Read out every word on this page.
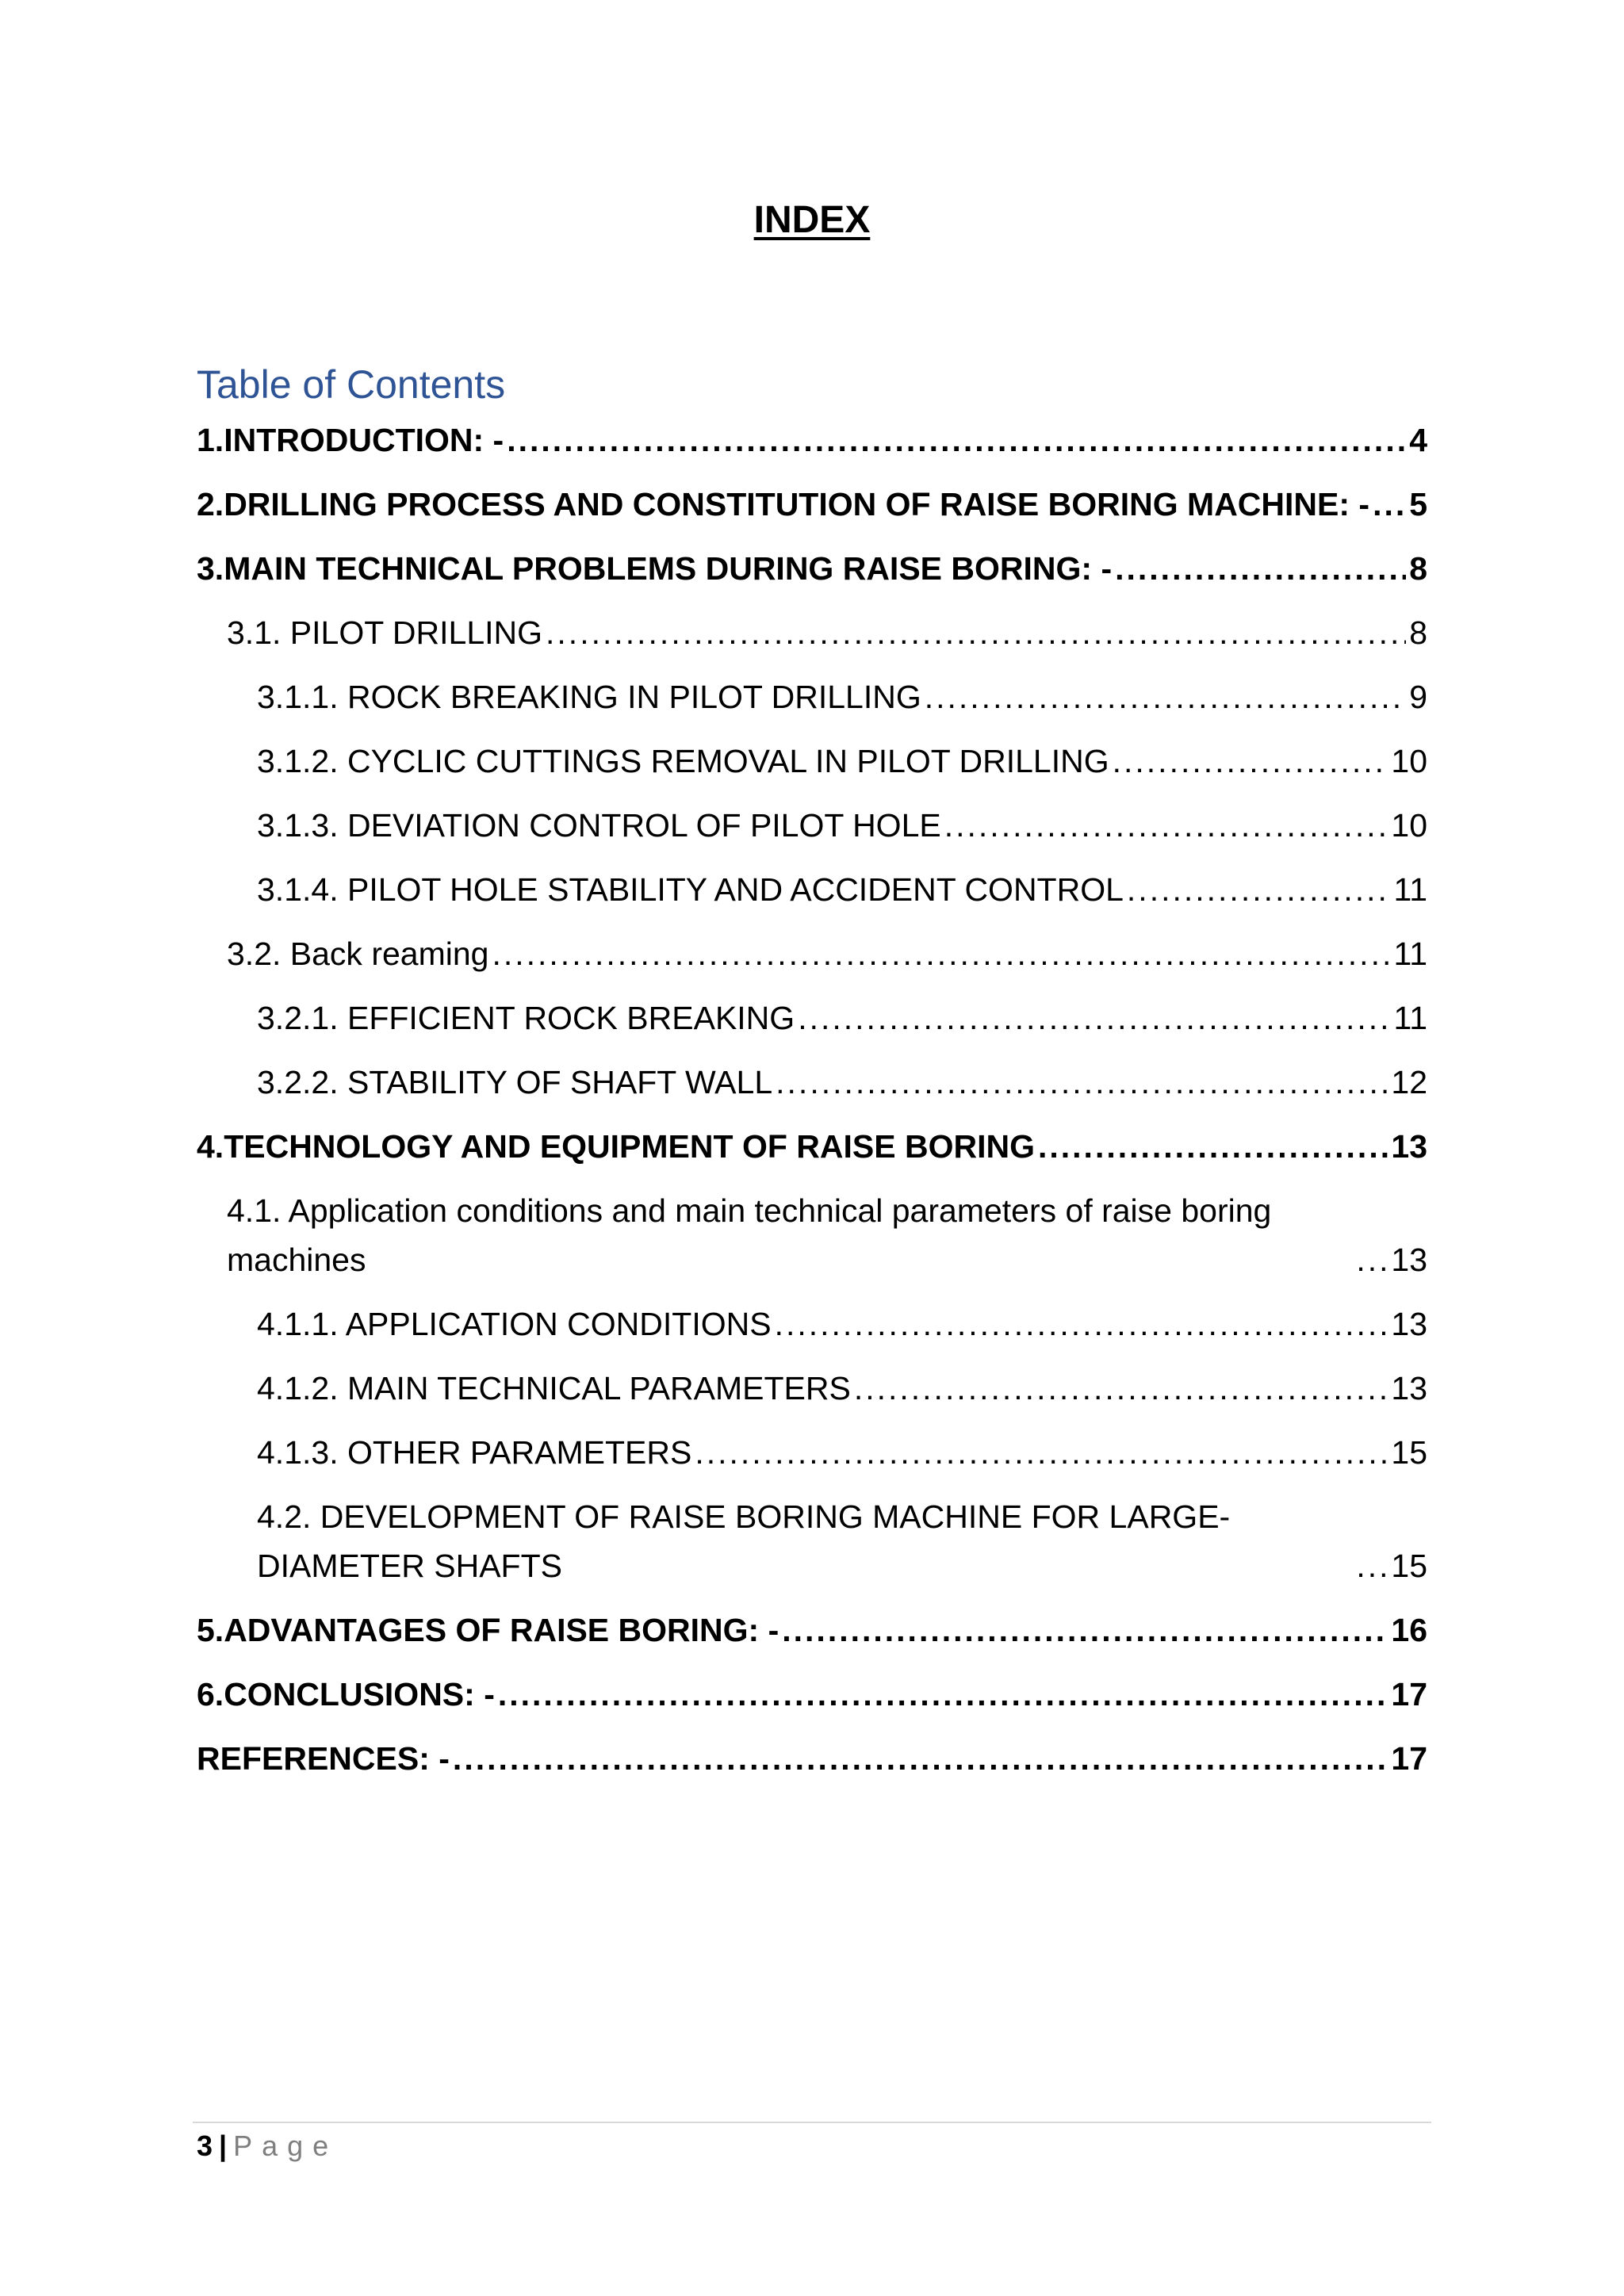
INDEX
Table of Contents
1.INTRODUCTION: - .....	4
2.DRILLING PROCESS AND CONSTITUTION OF RAISE BORING MACHINE: - ..... 5
3.MAIN TECHNICAL PROBLEMS DURING RAISE BORING: - .....	8
3.1. PILOT DRILLING .....	8
3.1.1. ROCK BREAKING IN PILOT DRILLING .....	9
3.1.2. CYCLIC CUTTINGS REMOVAL IN PILOT DRILLING .....	10
3.1.3. DEVIATION CONTROL OF PILOT HOLE .....	10
3.1.4. PILOT HOLE STABILITY AND ACCIDENT CONTROL .....	11
3.2. Back reaming .....	11
3.2.1. EFFICIENT ROCK BREAKING .....	11
3.2.2. STABILITY OF SHAFT WALL .....	12
4.TECHNOLOGY AND EQUIPMENT OF RAISE BORING .....	13
4.1. Application conditions and main technical parameters of raise boring machines .....	13
4.1.1. APPLICATION CONDITIONS .....	13
4.1.2. MAIN TECHNICAL PARAMETERS .....	13
4.1.3. OTHER PARAMETERS .....	15
4.2. DEVELOPMENT OF RAISE BORING MACHINE FOR LARGE-DIAMETER SHAFTS .....	15
5.ADVANTAGES OF RAISE BORING: - .....	16
6.CONCLUSIONS: - .....	17
REFERENCES: - .....	17
3 | Page
